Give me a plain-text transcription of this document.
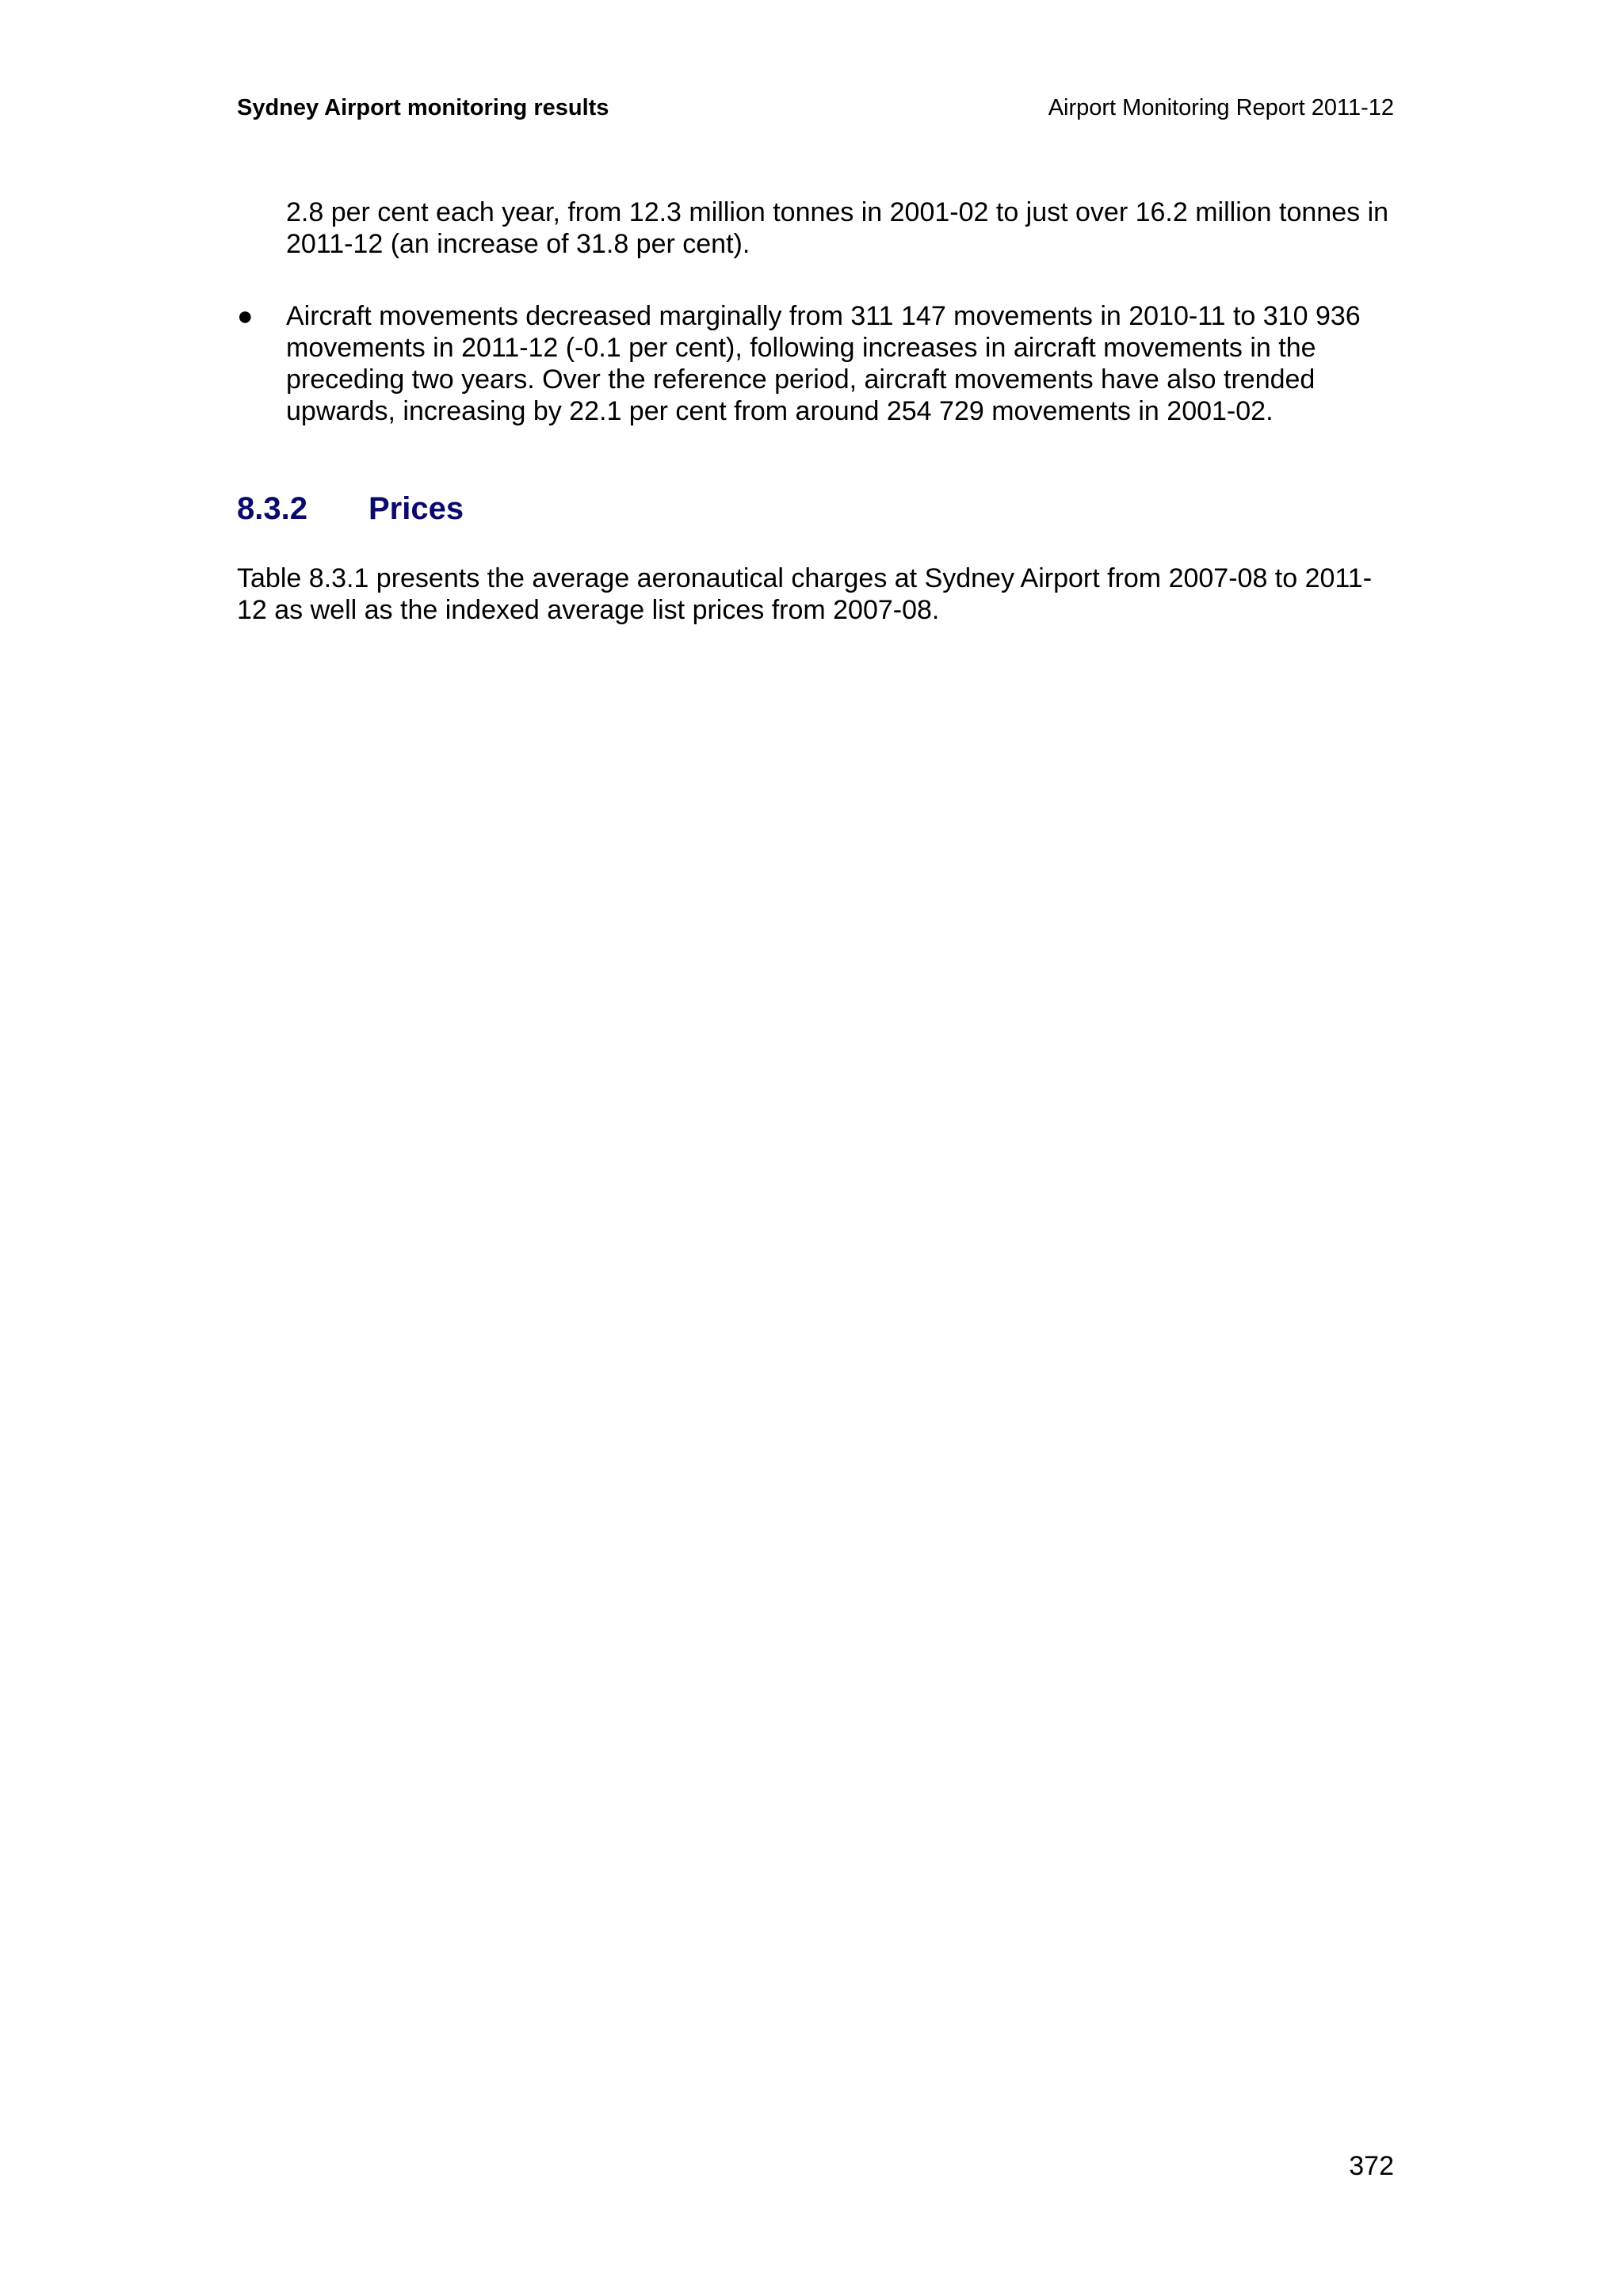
Sydney Airport monitoring results	Airport Monitoring Report 2011-12

2.8 per cent each year, from 12.3 million tonnes in 2001-02 to just over 16.2 million tonnes in 2011-12 (an increase of 31.8 per cent).

● Aircraft movements decreased marginally from 311 147 movements in 2010-11 to 310 936 movements in 2011-12 (-0.1 per cent), following increases in aircraft movements in the preceding two years. Over the reference period, aircraft movements have also trended upwards, increasing by 22.1 per cent from around 254 729 movements in 2001-02.
8.3.2 Prices

Table 8.3.1 presents the average aeronautical charges at Sydney Airport from 2007-08 to 2011-12 as well as the indexed average list prices from 2007-08.

372
